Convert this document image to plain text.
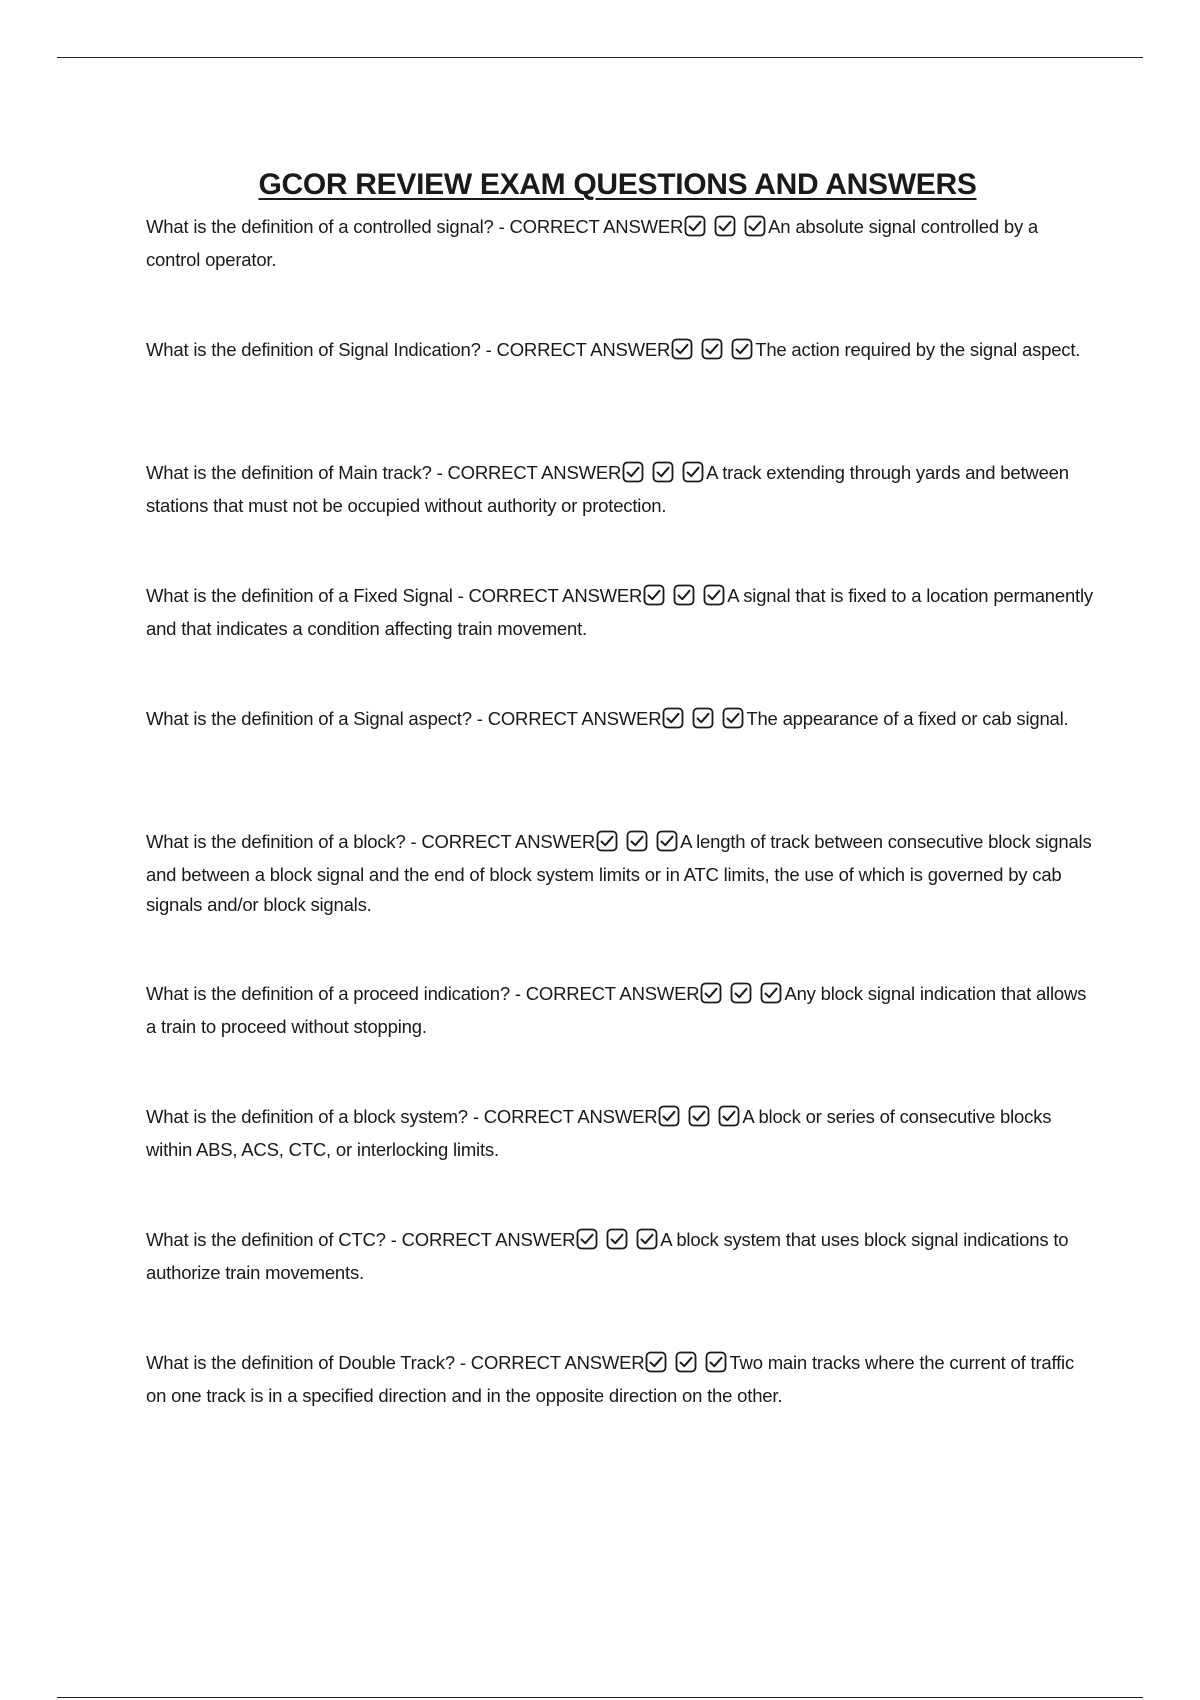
GCOR REVIEW EXAM QUESTIONS AND ANSWERS
What is the definition of a controlled signal? - CORRECT ANSWER	An absolute signal controlled by a control operator.
What is the definition of Signal Indication? - CORRECT ANSWER	The action required by the signal aspect.
What is the definition of Main track? - CORRECT ANSWER	A track extending through yards and between stations that must not be occupied without authority or protection.
What is the definition of a Fixed Signal - CORRECT ANSWER	A signal that is fixed to a location permanently and that indicates a condition affecting train movement.
What is the definition of a Signal aspect? - CORRECT ANSWER	The appearance of a fixed or cab signal.
What is the definition of a block? - CORRECT ANSWER	A length of track between consecutive block signals and between a block signal and the end of block system limits or in ATC limits, the use of which is governed by cab signals and/or block signals.
What is the definition of a proceed indication? - CORRECT ANSWER	Any block signal indication that allows a train to proceed without stopping.
What is the definition of a block system? - CORRECT ANSWER	A block or series of consecutive blocks within ABS, ACS, CTC, or interlocking limits.
What is the definition of CTC? - CORRECT ANSWER	A block system that uses block signal indications to authorize train movements.
What is the definition of Double Track? - CORRECT ANSWER	Two main tracks where the current of traffic on one track is in a specified direction and in the opposite direction on the other.
